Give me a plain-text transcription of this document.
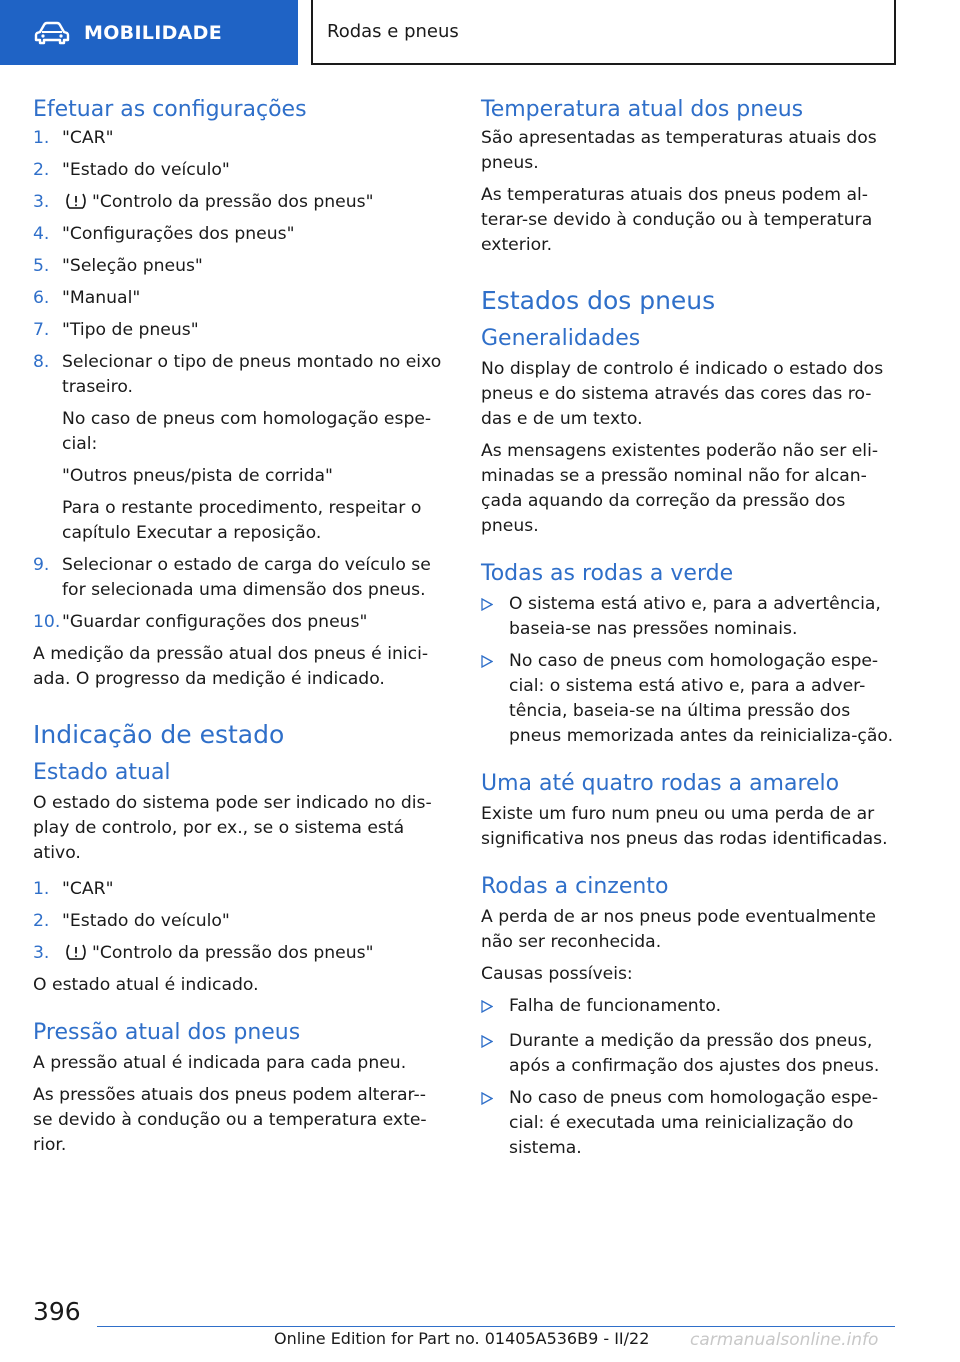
MOBILIDADE	Rodas e pneus
Efetuar as configurações
1. "CAR"
2. "Estado do veículo"
3.	"Controlo da pressão dos pneus"
4. "Configurações dos pneus"
5. "Seleção pneus"
6. "Manual"
7. "Tipo de pneus"
8. Selecionar o tipo de pneus montado no eixo traseiro.

No caso de pneus com homologação espe-cial:

"Outros pneus/pista de corrida"

Para o restante procedimento, respeitar o capítulo Executar a reposição.

9. Selecionar o estado de carga do veículo se for selecionada uma dimensão dos pneus.
10. "Guardar configurações dos pneus"

A medição da pressão atual dos pneus é inici-ada. O progresso da medição é indicado.

Indicação de estado
Estado atual

O estado do sistema pode ser indicado no dis-play de controlo, por ex., se o sistema está ativo.

1. "CAR"
2. "Estado do veículo"
3.	"Controlo da pressão dos pneus"

O estado atual é indicado.

Pressão atual dos pneus

A pressão atual é indicada para cada pneu.

As pressões atuais dos pneus podem alterar--se devido à condução ou a temperatura exte-rior.

Temperatura atual dos pneus

São apresentadas as temperaturas atuais dos pneus.

As temperaturas atuais dos pneus podem al-terar-se devido à condução ou à temperatura exterior.

Estados dos pneus
Generalidades

No display de controlo é indicado o estado dos pneus e do sistema através das cores das ro-das e de um texto.

As mensagens existentes poderão não ser eli-minadas se a pressão nominal não for alcan-çada aquando da correção da pressão dos pneus.

Todas as rodas a verde
O sistema está ativo e, para a advertência, baseia-se nas pressões nominais.
No caso de pneus com homologação espe-cial: o sistema está ativo e, para a adver-tência, baseia-se na última pressão dos pneus memorizada antes da reinicializa-ção.
Uma até quatro rodas a amarelo

Existe um furo num pneu ou uma perda de ar significativa nos pneus das rodas identificadas.

Rodas a cinzento

A perda de ar nos pneus pode eventualmente não ser reconhecida.

Causas possíveis:

Falha de funcionamento.
Durante a medição da pressão dos pneus, após a confirmação dos ajustes dos pneus.
No caso de pneus com homologação espe-cial: é executada uma reinicialização do sistema.
396
Online Edition for Part no. 01405A536B9 - II/22 carmanualsonline.info
